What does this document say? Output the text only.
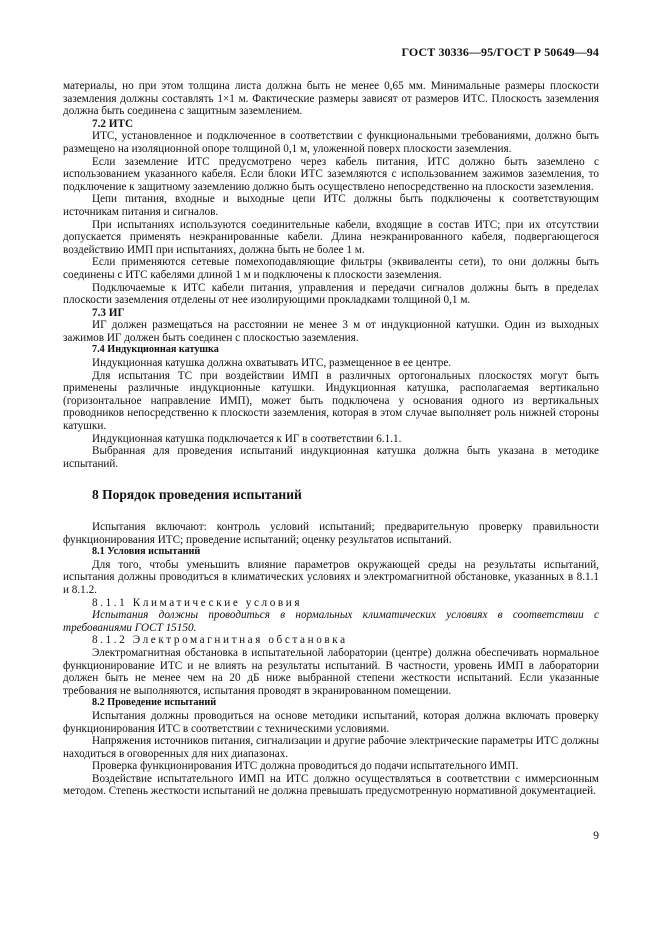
ГОСТ 30336—95/ГОСТ Р 50649—94

материалы, но при этом толщина листа должна быть не менее 0,65 мм. Минимальные размеры плоскости заземления должны составлять 1×1 м. Фактические размеры зависят от размеров ИТС. Плоскость заземления должна быть соединена с защитным заземлением.

7.2 ИТС

ИТС, установленное и подключенное в соответствии с функциональными требованиями, должно быть размещено на изоляционной опоре толщиной 0,1 м, уложенной поверх плоскости заземления.

Если заземление ИТС предусмотрено через кабель питания, ИТС должно быть заземлено с использованием указанного кабеля. Если блоки ИТС заземляются с использованием зажимов заземления, то подключение к защитному заземлению должно быть осуществлено непосредственно на плоскости заземления.

Цепи питания, входные и выходные цепи ИТС должны быть подключены к соответствующим источникам питания и сигналов.

При испытаниях используются соединительные кабели, входящие в состав ИТС; при их отсутствии допускается применять неэкранированные кабели. Длина неэкранированного кабеля, подвергающегося воздействию ИМП при испытаниях, должна быть не более 1 м.

Если применяются сетевые помехоподавляющие фильтры (эквиваленты сети), то они должны быть соединены с ИТС кабелями длиной 1 м и подключены к плоскости заземления.

Подключаемые к ИТС кабели питания, управления и передачи сигналов должны быть в пределах плоскости заземления отделены от нее изолирующими прокладками толщиной 0,1 м.

7.3 ИГ

ИГ должен размещаться на расстоянии не менее 3 м от индукционной катушки. Один из выходных зажимов ИГ должен быть соединен с плоскостью заземления.

7.4 Индукционная катушка

Индукционная катушка должна охватывать ИТС, размещенное в ее центре.

Для испытания ТС при воздействии ИМП в различных ортогональных плоскостях могут быть применены различные индукционные катушки. Индукционная катушка, располагаемая вертикально (горизонтальное направление ИМП), может быть подключена у основания одного из вертикальных проводников непосредственно к плоскости заземления, которая в этом случае выполняет роль нижней стороны катушки.

Индукционная катушка подключается к ИГ в соответствии 6.1.1.

Выбранная для проведения испытаний индукционная катушка должна быть указана в методике испытаний.

8 Порядок проведения испытаний

Испытания включают: контроль условий испытаний; предварительную проверку правильности функционирования ИТС; проведение испытаний; оценку результатов испытаний.

8.1 Условия испытаний

Для того, чтобы уменьшить влияние параметров окружающей среды на результаты испытаний, испытания должны проводиться в климатических условиях и электромагнитной обстановке, указанных в 8.1.1 и 8.1.2.

8.1.1 Климатические условия

Испытания должны проводиться в нормальных климатических условиях в соответствии с требованиями ГОСТ 15150.

8.1.2 Электромагнитная обстановка

Электромагнитная обстановка в испытательной лаборатории (центре) должна обеспечивать нормальное функционирование ИТС и не влиять на результаты испытаний. В частности, уровень ИМП в лаборатории должен быть не менее чем на 20 дБ ниже выбранной степени жесткости испытаний. Если указанные требования не выполняются, испытания проводят в экранированном помещении.

8.2 Проведение испытаний

Испытания должны проводиться на основе методики испытаний, которая должна включать проверку функционирования ИТС в соответствии с техническими условиями.

Напряжения источников питания, сигнализации и другие рабочие электрические параметры ИТС должны находиться в оговоренных для них диапазонах.

Проверка функционирования ИТС должна проводиться до подачи испытательного ИМП.

Воздействие испытательного ИМП на ИТС должно осуществляться в соответствии с иммерсионным методом. Степень жесткости испытаний не должна превышать предусмотренную нормативной документацией.

9
